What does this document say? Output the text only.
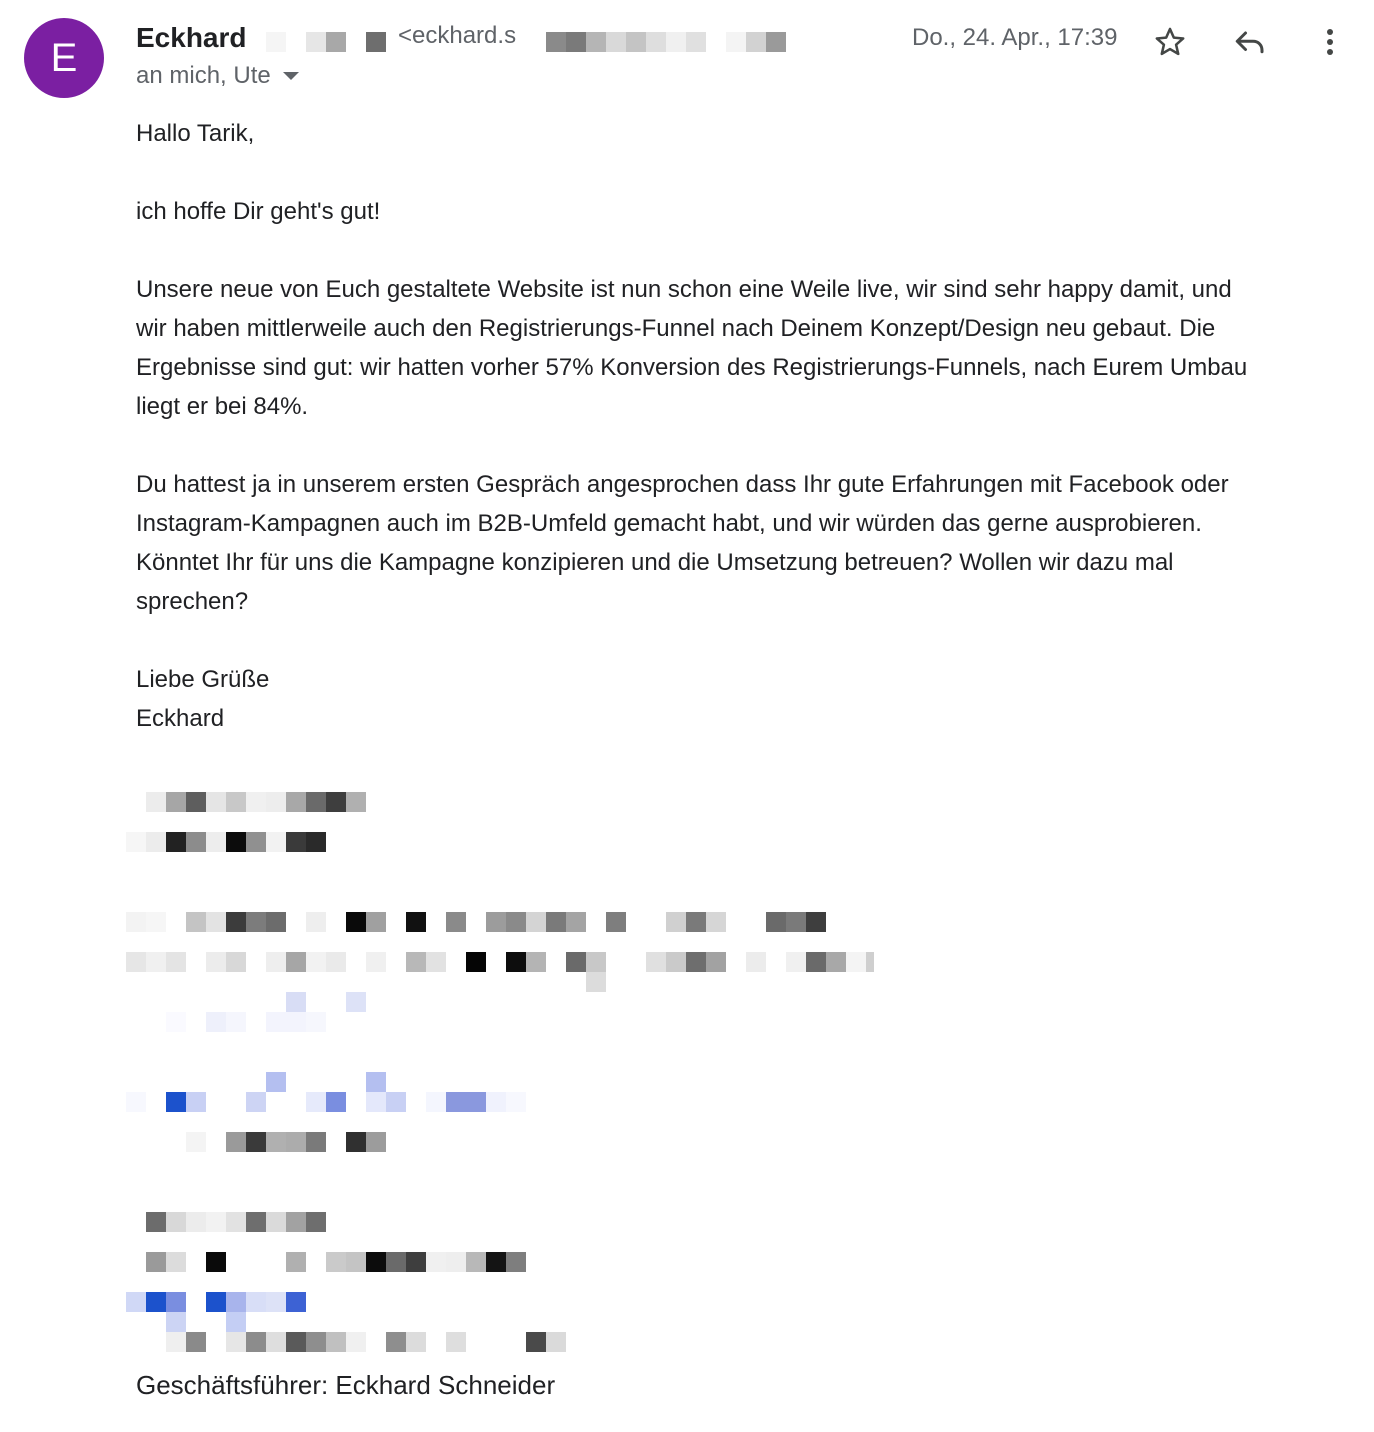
E Eckhard	<eckhard.s
an mich, Ute
Do., 24. Apr., 17:39

Hallo Tarik,

ich hoffe Dir geht's gut!

Unsere neue von Euch gestaltete Website ist nun schon eine Weile live, wir sind sehr happy damit, und

wir haben mittlerweile auch den Registrierungs-Funnel nach Deinem Konzept/Design neu gebaut. Die

Ergebnisse sind gut: wir hatten vorher 57% Konversion des Registrierungs-Funnels, nach Eurem Umbau

liegt er bei 84%.

Du hattest ja in unserem ersten Gespräch angesprochen dass Ihr gute Erfahrungen mit Facebook oder

Instagram-Kampagnen auch im B2B-Umfeld gemacht habt, und wir würden das gerne ausprobieren.

Könntet Ihr für uns die Kampagne konzipieren und die Umsetzung betreuen? Wollen wir dazu mal

sprechen?

Liebe Grüße

Eckhard

Geschäftsführer: Eckhard Schneider
